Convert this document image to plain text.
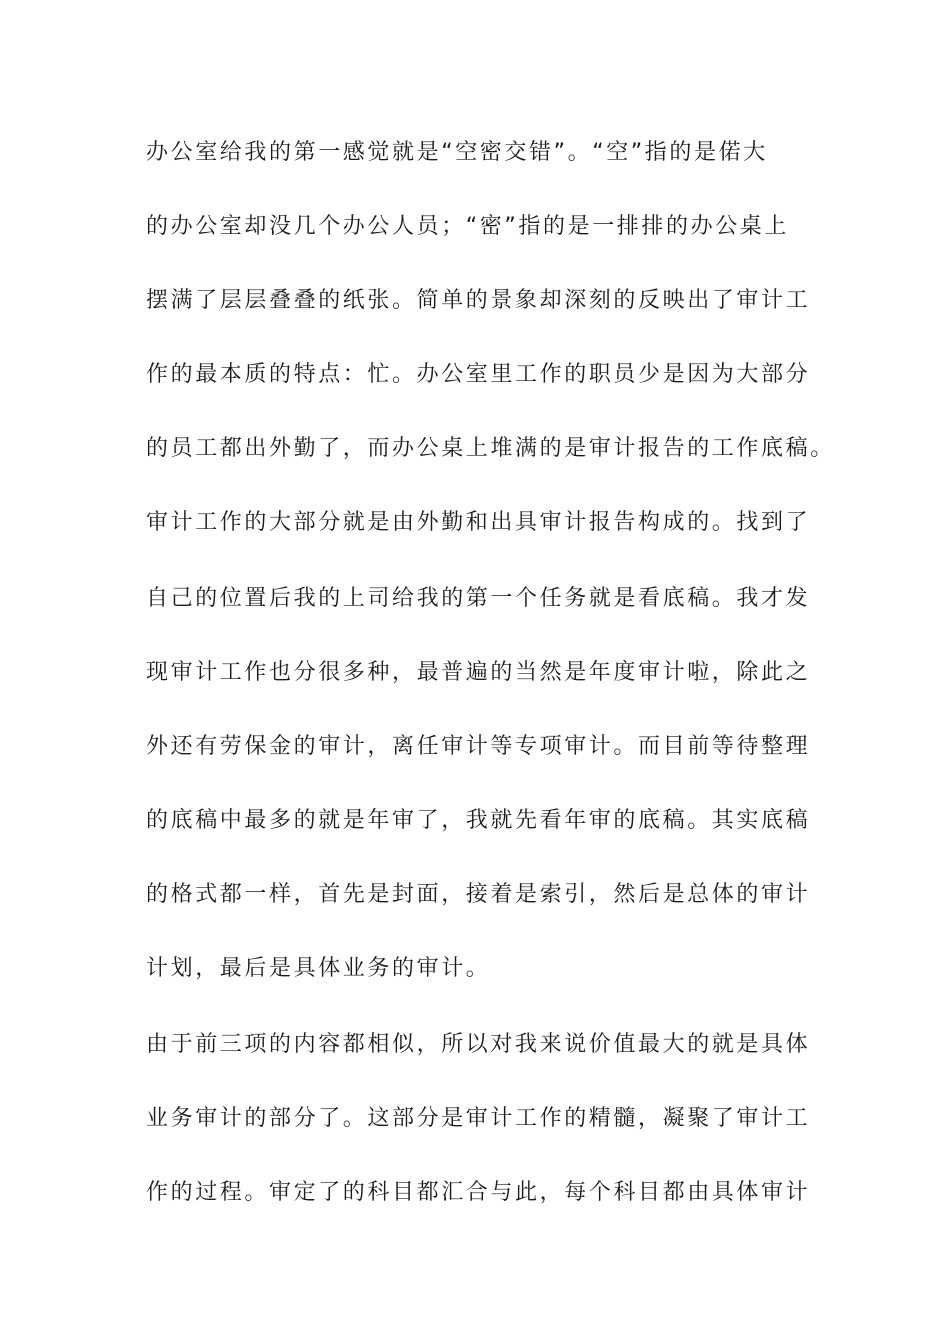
办公室给我的第一感觉就是“空密交错”。“空”指的是偌大
的办公室却没几个办公人员；“密”指的是一排排的办公桌上
摆满了层层叠叠的纸张。简单的景象却深刻的反映出了审计工
作的最本质的特点：忙。办公室里工作的职员少是因为大部分
的员工都出外勤了，而办公桌上堆满的是审计报告的工作底稿。
审计工作的大部分就是由外勤和出具审计报告构成的。找到了
自己的位置后我的上司给我的第一个任务就是看底稿。我才发
现审计工作也分很多种，最普遍的当然是年度审计啦，除此之
外还有劳保金的审计，离任审计等专项审计。而目前等待整理
的底稿中最多的就是年审了，我就先看年审的底稿。其实底稿
的格式都一样，首先是封面，接着是索引，然后是总体的审计
计划，最后是具体业务的审计。
由于前三项的内容都相似，所以对我来说价值最大的就是具体
业务审计的部分了。这部分是审计工作的精髓，凝聚了审计工
作的过程。审定了的科目都汇合与此，每个科目都由具体审计
